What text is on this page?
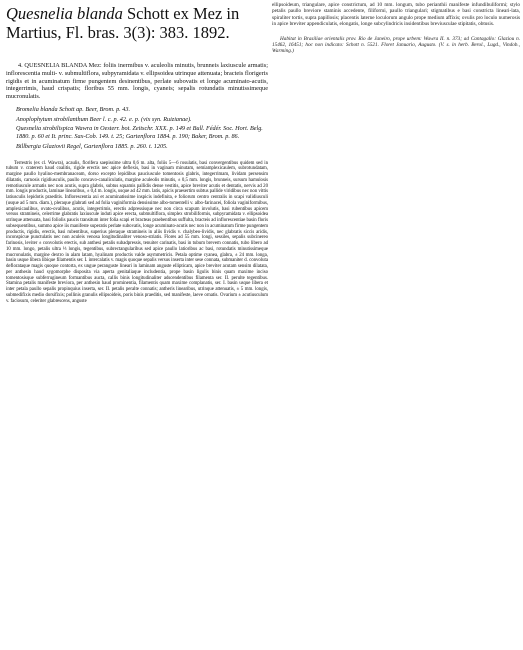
Quesnelia blanda Schott ex Mez in Martius, Fl. bras. 3(3): 383. 1892.

4. QUESNELIA BLANDA Mez: foliis inermibus v. aculeolis minutis, brunneis laxiuscule armatis; inflorescentia multi- v. submultiflora, subpyramidata v. ellipsoidea utrinque attenuata; bracteis florigeris rigidis et in acuminatum firme pungentem desinentibus, perlate subovatis et longe acuminato-acutis, integerrimis, haud crispatis; floribus 55 mm. longis, cyaneis; sepalis rotundatis minutissimeque mucronulatis.

Bromelia blanda Schott ap. Beer, Brom. p. 43.

Anoplophytum strobilanthum Beer l. c. p. 42. e. p. (vix syn. Ruizianae).

Quesnelia strobilispica Wawra in Oesterr. bot. Zeitschr. XXX. p. 149 et Bull. Fédér. Soc. Hort. Belg. 1880. p. 60 et It. princ. Sax-Cob. 149. t. 25; Gartenflora 1884. p. 190; Baker, Brom. p. 86.

Billbergia Glaziovii Regel, Gartenflora 1885. p. 260. t. 1205.

Terrestris (ex cl. Wawra), acaulis, floriferа saepissime ultra 0,6 m. alta, foliis 5—6 rosulatis, basi convergentibus quidem sed in tubum v. craterem haud coalitis, rigide erectis nec apice deflexis, basi in vaginam minutam, semiamplexicaulem, subrotundatam, margine paullo hyalino-membranaceam, dorso excepto lepidibus pauciuscule tomentosis glabris, integerrimam, lividam persensim dilatatis, carnosis rigidiusculis, paullo concavo-canaliculatis, margine aculeolis minutis, ± 0,5 mm. longis, brunneis, sursum hamulosis remotiuscule armatis nec non acutis, supra glabris, subtus squamis pallidis dense vestitis, apice breviter acutis et dentatis, nervis ad 20 mm. longis productis, laminae linearibus, ± 0,4 m. longis, usque ad 42 mm. latis, apicis praesertim subtus pallide viridibus nec non vittis latiusculis lepidotis praeditis. Inflorescentia axi et acuminatissime inspicis indefinita, e foliorum centro centralis in scapi validiusculi (usque ad 5 mm. diam.), pleraque glabrati sed ad folia vaginiformia densissime albo-tomentelli v. albo-farinacei, foliola vaginiformibus, amplexicaulibus, ovato-ovalibus, acutis, integerrimis, erectis adpressisque nec non circa scapum involutis, basi rubentibus apicem versus stramineis, celerrime glabratis laxiuscule induti apice erecta, submultiflora, simplex strobiliformis, subpyramidata v. ellipsoidea utrinque attenuata, basi foliolis paucis transitum inter folia scapi et bracteas praebentibus suffulta, bracteis ad inflorescentiae basin floris subsequentibus, summo apice iis manifeste superatis perlate subovatis, longe acuminato-acutis nec non in acuminatum firme pungentem productis, rigidis, erectis, basi rubentibus, superius pleraque stramineis in aliis lividis v. chalybeo-lividis, nec glabratis siccis aridis, inconspicue punctulatis nec non aculeis venosa longitudinaliter venoso-striatis. Flores ad 55 mm. longi, sessiles, sepalis subcinereo farinosis, leviter ± convolutis erectis, sub anthesi petalis subadpressis, tenuiter carinatis, basi in tubum brevem connatis, tubo libero ad 10 mm. longo, petalis ultra ⅓ longis, tegentibus, subrectangularibus sed apice paullo latioribus ac basi, rotundatis minutissimeque mucronulatis, margine dextro in alam latam, hyalinam productis valde asymmetricis. Petala optime cyanea, glabra, ± 24 mm. longa, basin usque libera libique filamentis ser. I. intercalatis v. magis quoque sepalis versus inserta inter sese connata, submaniter d. convoluta deflorataque magis quoque contorta, ex ungue peranguste lineari in laminam anguste ellipticam, apice breviter acutam sensim dilatata, per anthesin haud sygomorphe disposita via aperta genitaliaque includentia, prope basin ligulis binis quam maxime inciso tomentosisque subferrugineum formantibus aucta, callis binis longitudinaliter adscendentibus filamenta ser. II. perulte tegentibus. Stamina petalis manifeste breviora, per anthesin haud prominentia, filamentis quam maxime complanatis, ser. I. basin usque libera et inter petala paullo sepalis propinquius inserta, ser. II. petalis peralte connatis; antheris linearibus, utrinque attenuatis, ± 5 mm. longis, submedifixis medio dorsifixis; pollinis granulis ellipsoideis, poris binis praeditis, sed manifeste, laeve ornatis. Ovarium ± acutiusculum v. faciosum, celeriter glabrescens, anguste

ellipsoideum, triangulare, apice constrictum, ad 10 mm. longum, tubo perianthii manifeste infundibuliformi; stylo petalis paullo breviore staminis accedente, filiformi, paullo triangulari; stigmatibus e basi constricta lineari-lata, spiraliter tortis, supra papillosis; placentis laterne loculorum angulo prope medium affixis; ovulis pro loculo numerosis in apice breviter appendiculatis, elongatis, longe subcylindricis insidentibus breviusculae stipitatis, obtusis.

Habitat in Brasiliae orientalis prov. Rio de Janeiro, prope urbem: Wawra II. n. 373; ad Cantagallo: Glaziou n. 15462, 16451; hoc non indicato: Schott n. 5521. Floret Januario, Augusto. (V. s. in herb. Berol., Lugd., Vindob., Warming.)
